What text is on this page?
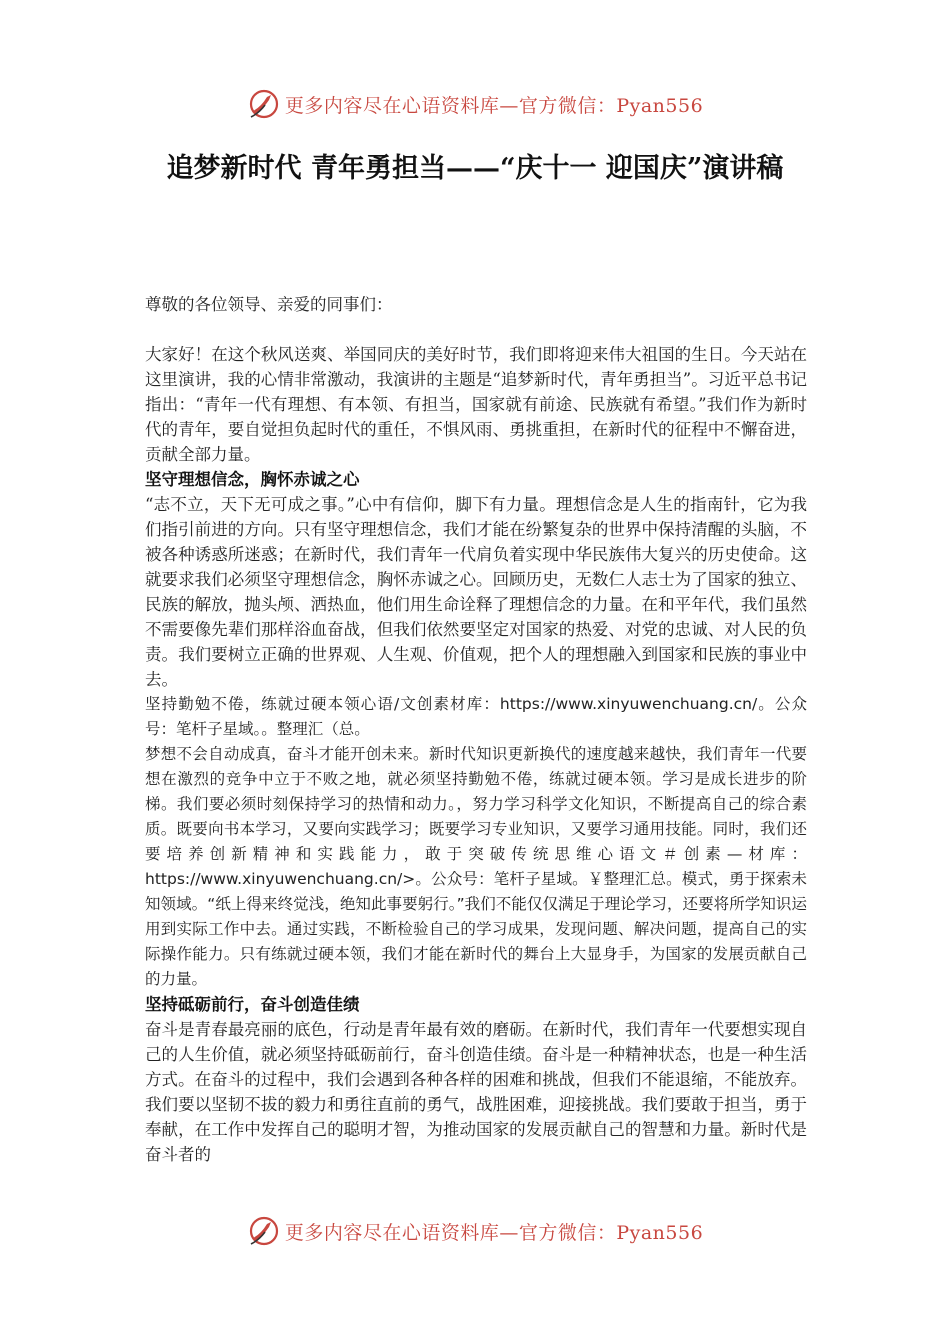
更多内容尽在心语资料库—官方微信：Pyan556
追梦新时代 青年勇担当——“庆十一 迎国庆”演讲稿
尊敬的各位领导、亲爱的同事们：

大家好！在这个秋风送爽、举国同庆的美好时节，我们即将迎来伟大祖国的生日。今天站在这里演讲，我的心情非常激动，我演讲的主题是“追梦新时代，青年勇担当”。习近平总书记指出：“青年一代有理想、有本领、有担当，国家就有前途、民族就有希望。”我们作为新时代的青年，要自觉担负起时代的重任，不惧风雨、勇挑重担，在新时代的征程中不懈奋进，贡献全部力量。

坚守理想信念，胸怀赤诚之心

“志不立，天下无可成之事。”心中有信仰，脚下有力量。理想信念是人生的指南针，它为我们指引前进的方向。只有坚守理想信念，我们才能在纷繁复杂的世界中保持清醒的头脑，不被各种诱惑所迷惑；在新时代，我们青年一代肩负着实现中华民族伟大复兴的历史使命。这就要求我们必须坚守理想信念，胸怀赤诚之心。回顾历史，无数仁人志士为了国家的独立、民族的解放，抛头颅、洒热血，他们用生命诠释了理想信念的力量。在和平年代，我们虽然不需要像先辈们那样浴血奋战，但我们依然要坚定对国家的热爱、对党的忠诚、对人民的负责。我们要树立正确的世界观、人生观、价值观，把个人的理想融入到国家和民族的事业中去。

坚持勤勉不倦，练就过硬本领心语/文创素材库：https://www.xinyuwenchuang.cn/。公众号：笔杆子星域。。整理汇（总。

梦想不会自动成真，奋斗才能开创未来。新时代知识更新换代的速度越来越快，我们青年一代要想在激烈的竞争中立于不败之地，就必须坚持勤勉不倦，练就过硬本领。学习是成长进步的阶梯。我们要必须时刻保持学习的热情和动力。，努力学习科学文化知识，不断提高自己的综合素质。既要向书本学习，又要向实践学习；既要学习专业知识，又要学习通用技能。同时，我们还要培养创新精神和实践能力，敢于突破传统思维心语文＃创素—材库：https://www.xinyuwenchuang.cn/>。公众号：笔杆子星域。￥整理汇总。模式，勇于探索未知领域。“纸上得来终觉浅，绝知此事要躬行。”我们不能仅仅满足于理论学习，还要将所学知识运用到实际工作中去。通过实践，不断检验自己的学习成果，发现问题、解决问题，提高自己的实际操作能力。只有练就过硬本领，我们才能在新时代的舞台上大显身手，为国家的发展贡献自己的力量。

坚持砥砺前行，奋斗创造佳绩

奋斗是青春最亮丽的底色，行动是青年最有效的磨砺。在新时代，我们青年一代要想实现自己的人生价值，就必须坚持砥砺前行，奋斗创造佳绩。奋斗是一种精神状态，也是一种生活方式。在奋斗的过程中，我们会遇到各种各样的困难和挑战，但我们不能退缩，不能放弃。我们要以坚韧不拔的毅力和勇往直前的勇气，战胜困难，迎接挑战。我们要敢于担当，勇于奉献，在工作中发挥自己的聪明才智，为推动国家的发展贡献自己的智慧和力量。新时代是奋斗者的

更多内容尽在心语资料库—官方微信：Pyan556
